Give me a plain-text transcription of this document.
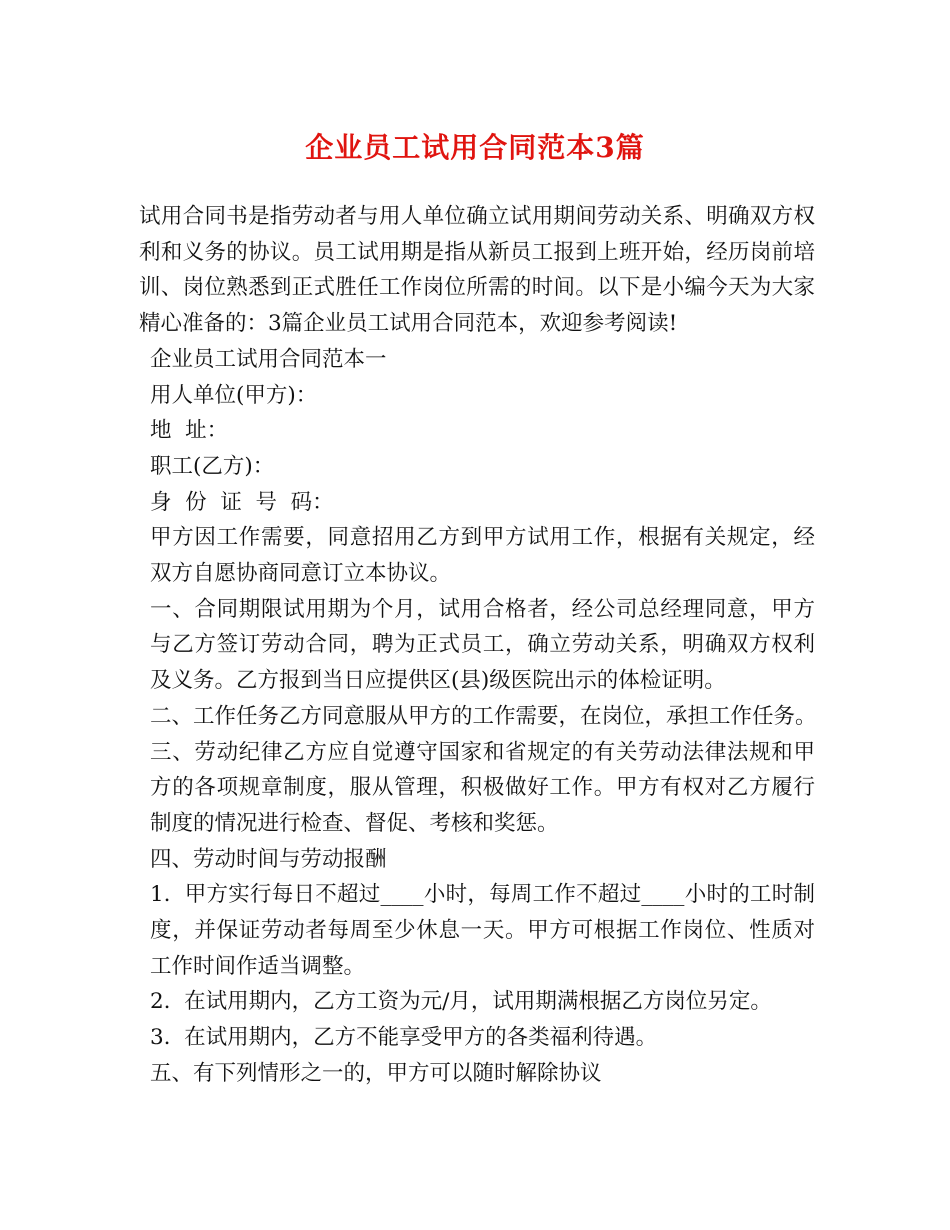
企业员工试用合同范本3篇

试用合同书是指劳动者与用人单位确立试用期间劳动关系、明确双方权利和义务的协议。员工试用期是指从新员工报到上班开始，经历岗前培训、岗位熟悉到正式胜任工作岗位所需的时间。以下是小编今天为大家精心准备的：3篇企业员工试用合同范本，欢迎参考阅读!

企业员工试用合同范本一

用人单位(甲方)：

地  址：

职工(乙方)：

身  份  证  号  码：

甲方因工作需要，同意招用乙方到甲方试用工作，根据有关规定，经双方自愿协商同意订立本协议。

一、合同期限试用期为个月，试用合格者，经公司总经理同意，甲方与乙方签订劳动合同，聘为正式员工，确立劳动关系，明确双方权利及义务。乙方报到当日应提供区(县)级医院出示的体检证明。

二、工作任务乙方同意服从甲方的工作需要，在岗位，承担工作任务。

三、劳动纪律乙方应自觉遵守国家和省规定的有关劳动法律法规和甲方的各项规章制度，服从管理，积极做好工作。甲方有权对乙方履行制度的情况进行检查、督促、考核和奖惩。

四、劳动时间与劳动报酬

1.  甲方实行每日不超过____小时，每周工作不超过____小时的工时制度，并保证劳动者每周至少休息一天。甲方可根据工作岗位、性质对工作时间作适当调整。

2.  在试用期内，乙方工资为元/月，试用期满根据乙方岗位另定。

3.  在试用期内，乙方不能享受甲方的各类福利待遇。

五、有下列情形之一的，甲方可以随时解除协议
